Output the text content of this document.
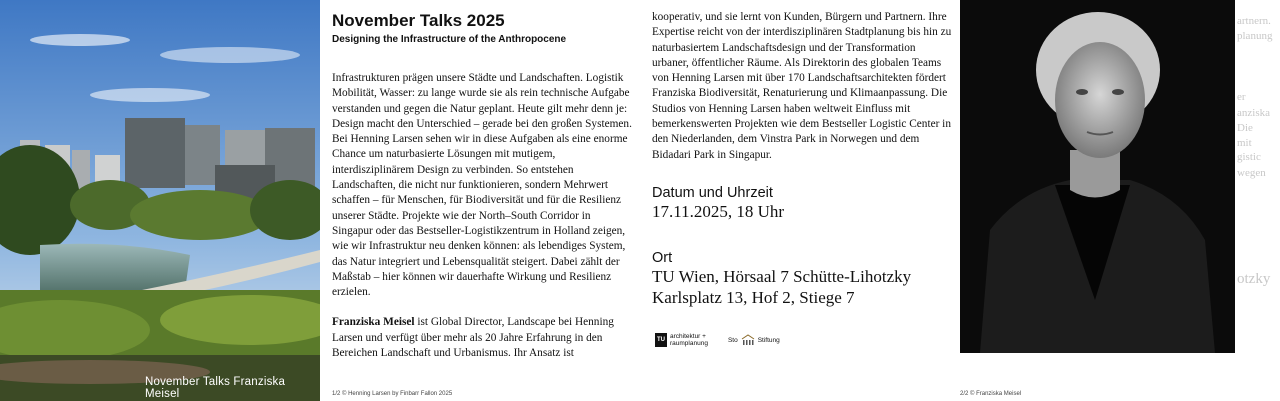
November Talks Franziska Meisel
November Talks 2025
Designing the Infrastructure of the Anthropocene

Infrastrukturen prägen unsere Städte und Landschaften. Logistik Mobilität, Wasser: zu lange wurde sie als rein technische Aufgabe verstanden und gegen die Natur geplant. Heute gilt mehr denn je: Design macht den Unterschied – gerade bei den großen Systemen. Bei Henning Larsen sehen wir in diese Aufgaben als eine enorme Chance um naturbasierte Lösungen mit mutigem, interdisziplinärem Design zu verbinden. So entstehen Landschaften, die nicht nur funktionieren, sondern Mehrwert schaffen – für Menschen, für Biodiversität und für die Resilienz unserer Städte. Projekte wie der North–South Corridor in Singapur oder das Bestseller-Logistikzentrum in Holland zeigen, wie wir Infrastruktur neu denken können: als lebendiges System, das Natur integriert und Lebensqualität steigert. Dabei zählt der Maßstab – hier können wir dauerhafte Wirkung und Resilienz erzielen.

Franziska Meisel ist Global Director, Landscape bei Henning Larsen und verfügt über mehr als 20 Jahre Erfahrung in den Bereichen Landschaft und Urbanismus. Ihr Ansatz ist

1/2 © Henning Larsen by Finbarr Fallon 2025

kooperativ, und sie lernt von Kunden, Bürgern und Partnern. Ihre Expertise reicht von der interdisziplinären Stadtplanung bis hin zu naturbasiertem Landschaftsdesign und der Transformation urbaner, öffentlicher Räume. Als Direktorin des globalen Teams von Henning Larsen mit über 170 Landschaftsarchitekten fördert Franziska Biodiversität, Renaturierung und Klimaanpassung. Die Studios von Henning Larsen haben weltweit Einfluss mit bemerkenswerten Projekten wie dem Bestseller Logistic Center in den Niederlanden, dem Vinstra Park in Norwegen und dem Bidadari Park in Singapur.

Datum und Uhrzeit

17.11.2025, 18 Uhr

Ort

TU Wien, Hörsaal 7 Schütte-Lihotzky

Karlsplatz 13, Hof 2, Stiege 7

TU architektur +
raumplanung	Sto	Stiftung
2/2 © Franziska Meisel
artnern.
planung
er
anziska
Die
mit
gistic
wegen
otzky
